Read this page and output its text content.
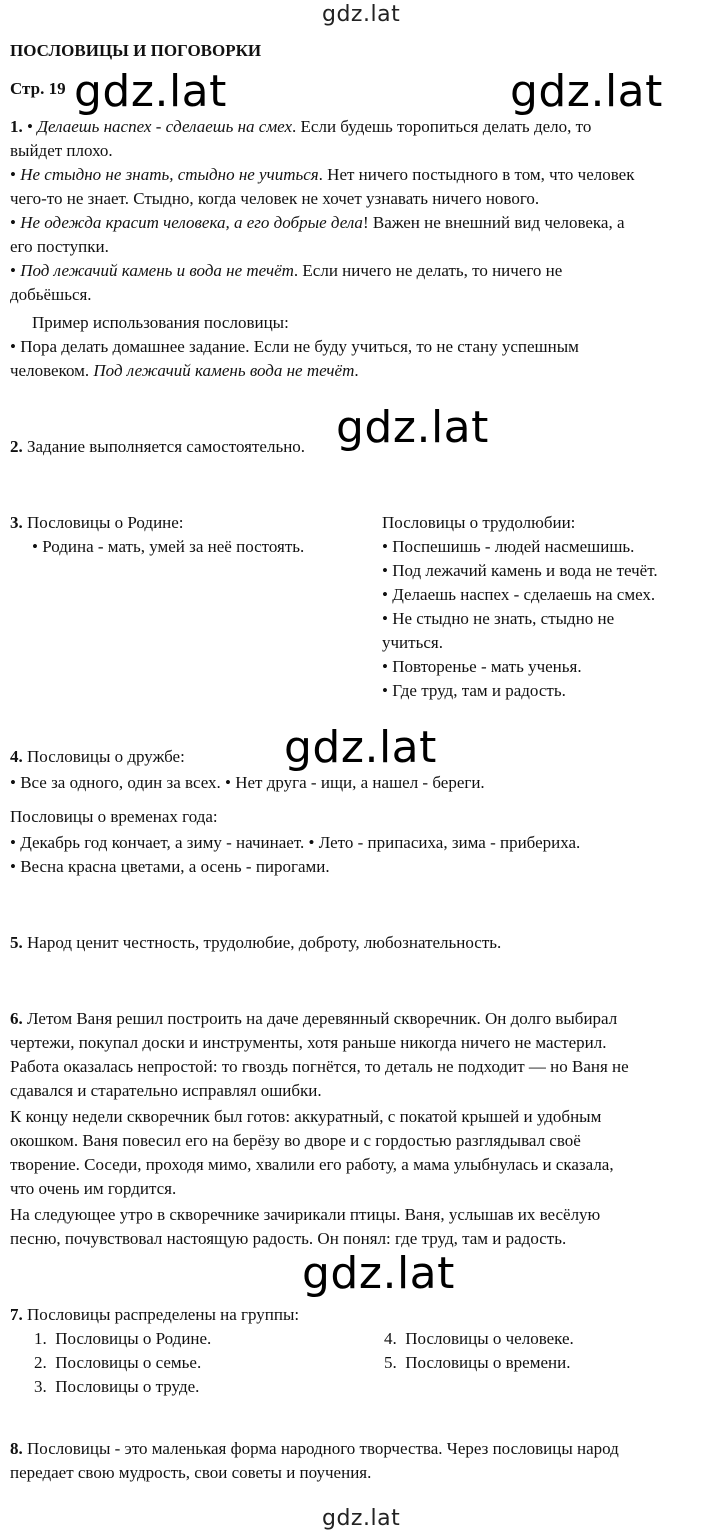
gdz.lat
gdz.lat
ПОСЛОВИЦЫ И ПОГОВОРКИ
Стр. 19 gdz.lat	gdz.lat
1. • Делаешь наспех - сделаешь на смех. Если будешь торопиться делать дело, то
выйдет плохо.
• Не стыдно не знать, стыдно не учиться. Нет ничего постыдного в том, что человек
чего-то не знает. Стыдно, когда человек не хочет узнавать ничего нового.
• Не одежда красит человека, а его добрые дела! Важен не внешний вид человека, а
его поступки.
• Под лежачий камень и вода не течёт. Если ничего не делать, то ничего не
добьёшься.
Пример использования пословицы:
• Пора делать домашнее задание. Если не буду учиться, то не стану успешным
человеком. Под лежачий камень вода не течёт.
2. Задание выполняется самостоятельно. gdz.lat
3. Пословицы о Родине:
• Родина - мать, умей за неё постоять.
Пословицы о трудолюбии:
• Поспешишь - людей насмешишь.
• Под лежачий камень и вода не течёт.
• Делаешь наспех - сделаешь на смех.
• Не стыдно не знать, стыдно не
учиться.
• Повторенье - мать ученья.
• Где труд, там и радость.
4. Пословицы о дружбе: gdz.lat
• Все за одного, один за всех. • Нет друга - ищи, а нашел - береги.
Пословицы о временах года:
• Декабрь год кончает, а зиму - начинает. • Лето - припасиха, зима - прибериха.
• Весна красна цветами, а осень - пирогами.
5. Народ ценит честность, трудолюбие, доброту, любознательность.
6. Летом Ваня решил построить на даче деревянный скворечник. Он долго выбирал
чертежи, покупал доски и инструменты, хотя раньше никогда ничего не мастерил.
Работа оказалась непростой: то гвоздь погнётся, то деталь не подходит — но Ваня не
сдавался и старательно исправлял ошибки.
К концу недели скворечник был готов: аккуратный, с покатой крышей и удобным
окошком. Ваня повесил его на берёзу во дворе и с гордостью разглядывал своё
творение. Соседи, проходя мимо, хвалили его работу, а мама улыбнулась и сказала,
что очень им гордится.
На следующее утро в скворечнике зачирикали птицы. Ваня, услышав их весёлую
песню, почувствовал настоящую радость. Он понял: где труд, там и радость.
gdz.lat
7. Пословицы распределены на группы:
1. Пословицы о Родине.
2. Пословицы о семье.
3. Пословицы о труде.
4. Пословицы о человеке.
5. Пословицы о времени.
8. Пословицы - это маленькая форма народного творчества. Через пословицы народ
передает свою мудрость, свои советы и поучения.
